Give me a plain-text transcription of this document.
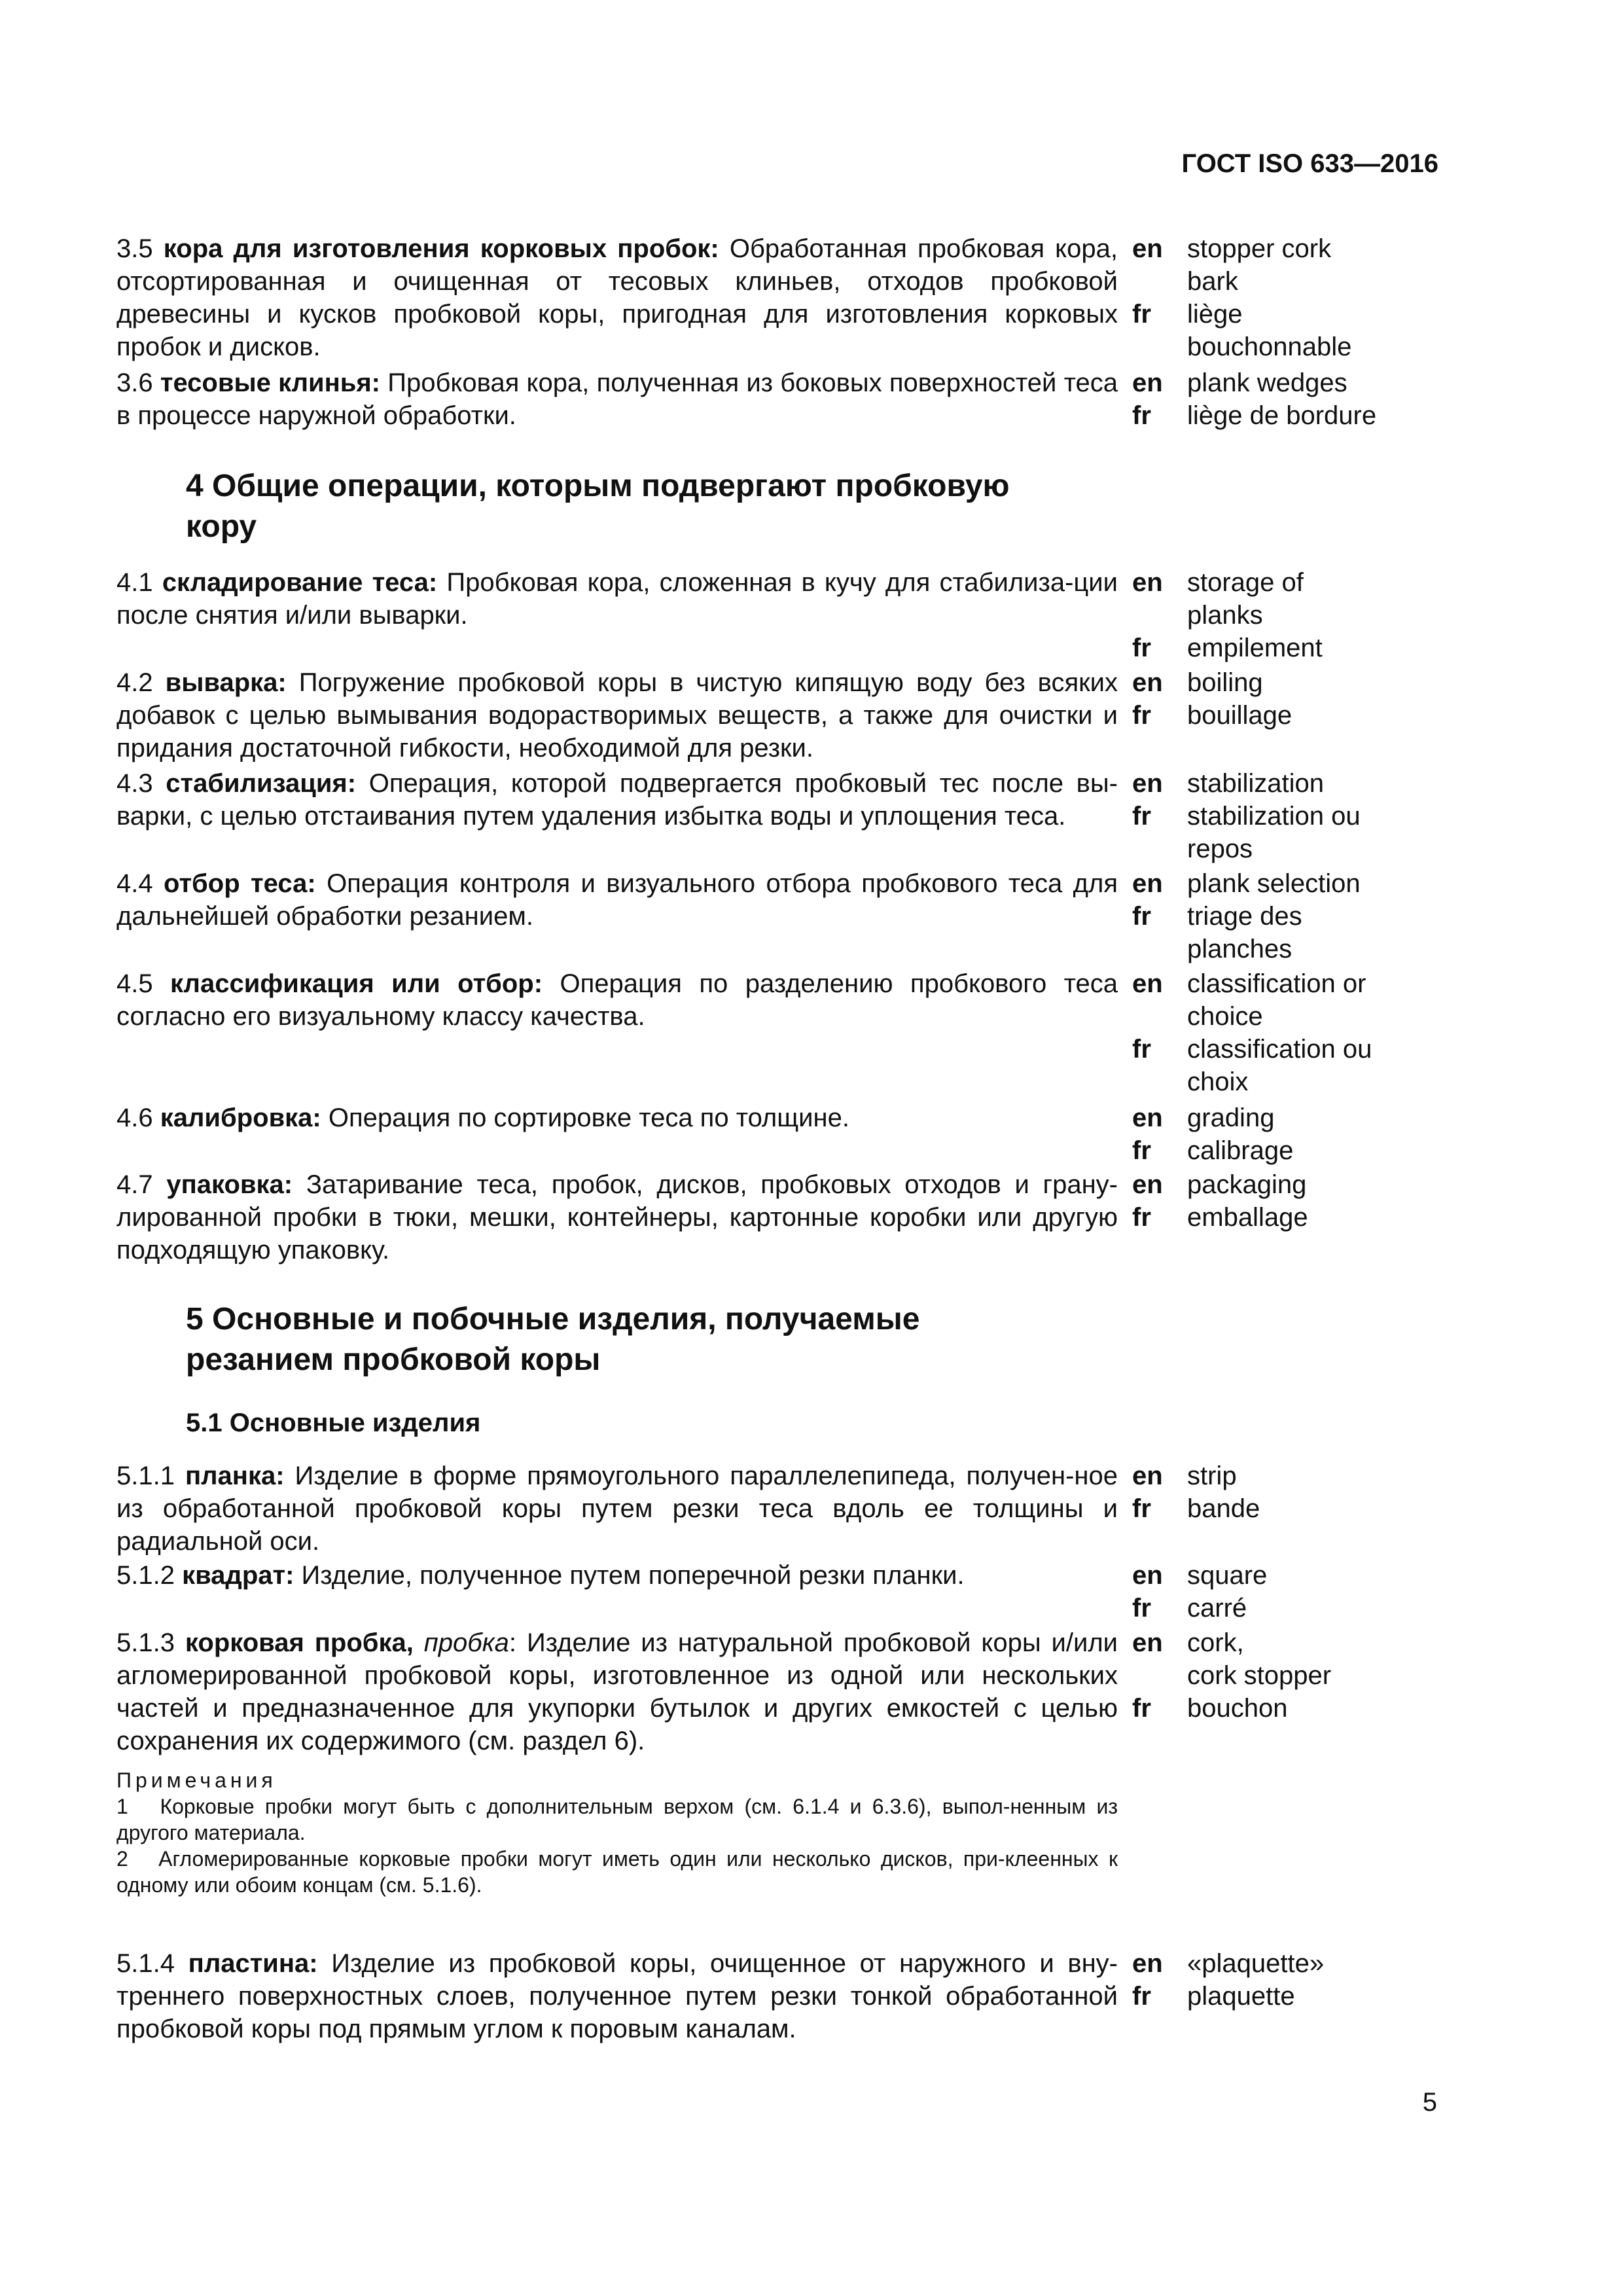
ГОСТ ISO 633—2016
3.5 кора для изготовления корковых пробок: Обработанная пробковая кора, отсортированная и очищенная от тесовых клиньев, отходов пробковой древесины и кусков пробковой коры, пригодная для изготовления корковых пробок и дисков.
en stopper cork
bark
fr liège
bouchonnable
3.6 тесовые клинья: Пробковая кора, полученная из боковых поверхностей теса в процессе наружной обработки.
en plank wedges
fr liège de bordure
4 Общие операции, которым подвергают пробковую
кору
4.1 складирование теса: Пробковая кора, сложенная в кучу для стабилиза-ции после снятия и/или выварки.
en storage of
planks
fr empilement
4.2 выварка: Погружение пробковой коры в чистую кипящую воду без всяких добавок с целью вымывания водорастворимых веществ, а также для очистки и придания достаточной гибкости, необходимой для резки.
en boiling
fr bouillage
4.3 стабилизация: Операция, которой подвергается пробковый тес после вы-варки, с целью отстаивания путем удаления избытка воды и уплощения теса.
en stabilization
fr stabilization ou
repos
4.4 отбор теса: Операция контроля и визуального отбора пробкового теса для дальнейшей обработки резанием.
en plank selection
fr triage des
planches
4.5 классификация или отбор: Операция по разделению пробкового теса согласно его визуальному классу качества.
en classification or
choice
fr classification ou
choix
4.6 калибровка: Операция по сортировке теса по толщине.	en grading
fr calibrage
4.7 упаковка: Затаривание теса, пробок, дисков, пробковых отходов и грану-лированной пробки в тюки, мешки, контейнеры, картонные коробки или другую подходящую упаковку.
en packaging
fr emballage
5 Основные и побочные изделия, получаемые
резанием пробковой коры
5.1 Основные изделия
5.1.1 планка: Изделие в форме прямоугольного параллелепипеда, получен-ное из обработанной пробковой коры путем резки теса вдоль ее толщины и радиальной оси.
en strip
fr bande
5.1.2 квадрат: Изделие, полученное путем поперечной резки планки.	en square
fr carré
5.1.3 корковая пробка, пробка: Изделие из натуральной пробковой коры и/или агломерированной пробковой коры, изготовленное из одной или нескольких частей и предназначенное для укупорки бутылок и других емкостей с целью сохранения их содержимого (см. раздел 6).
en cork,
cork stopper
fr bouchon
Примечания
1 Корковые пробки могут быть с дополнительным верхом (см. 6.1.4 и 6.3.6), выпол-ненным из другого материала.
2 Агломерированные корковые пробки могут иметь один или несколько дисков, при-клеенных к одному или обоим концам (см. 5.1.6).
5.1.4 пластина: Изделие из пробковой коры, очищенное от наружного и вну-треннего поверхностных слоев, полученное путем резки тонкой обработанной пробковой коры под прямым углом к поровым каналам.
en «plaquette»
fr plaquette
5
